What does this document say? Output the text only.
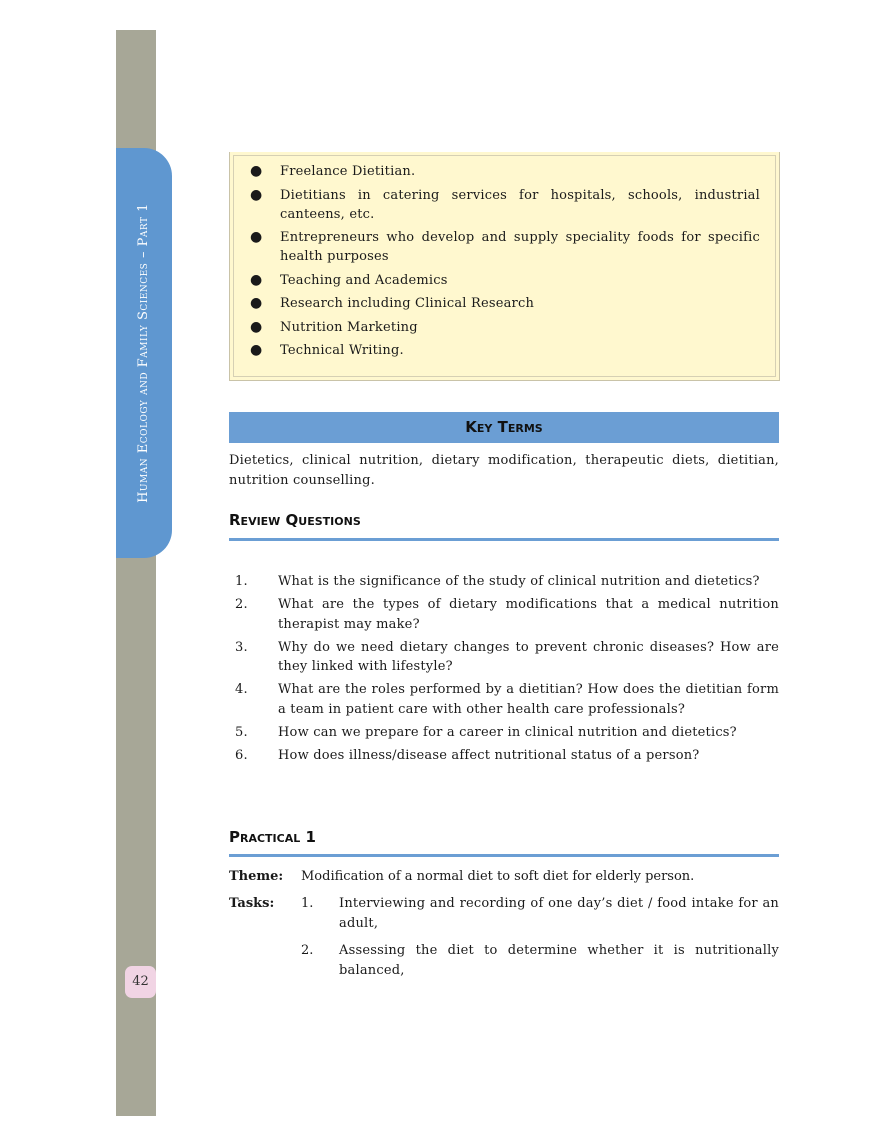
Human Ecology and Family Sciences – Part 1
42
● Freelance Dietitian.
● Dietitians in catering services for hospitals, schools, industrial canteens, etc.
● Entrepreneurs who develop and supply speciality foods for specific health purposes
● Teaching and Academics
● Research including Clinical Research
● Nutrition Marketing
● Technical Writing.
Key Terms
Dietetics, clinical nutrition, dietary modification, therapeutic diets, dietitian, nutrition counselling.
Review Questions
1. What is the significance of the study of clinical nutrition and dietetics?
2. What are the types of dietary modifications that a medical nutrition therapist may make?
3. Why do we need dietary changes to prevent chronic diseases? How are they linked with lifestyle?
4. What are the roles performed by a dietitian? How does the dietitian form a team in patient care with other health care professionals?
5. How can we prepare for a career in clinical nutrition and dietetics?
6. How does illness/disease affect nutritional status of a person?
Practical 1
Theme: Modification of a normal diet to soft diet for elderly person.
Tasks: 1. Interviewing and recording of one day’s diet / food intake for an adult,
2. Assessing the diet to determine whether it is nutritionally balanced,
